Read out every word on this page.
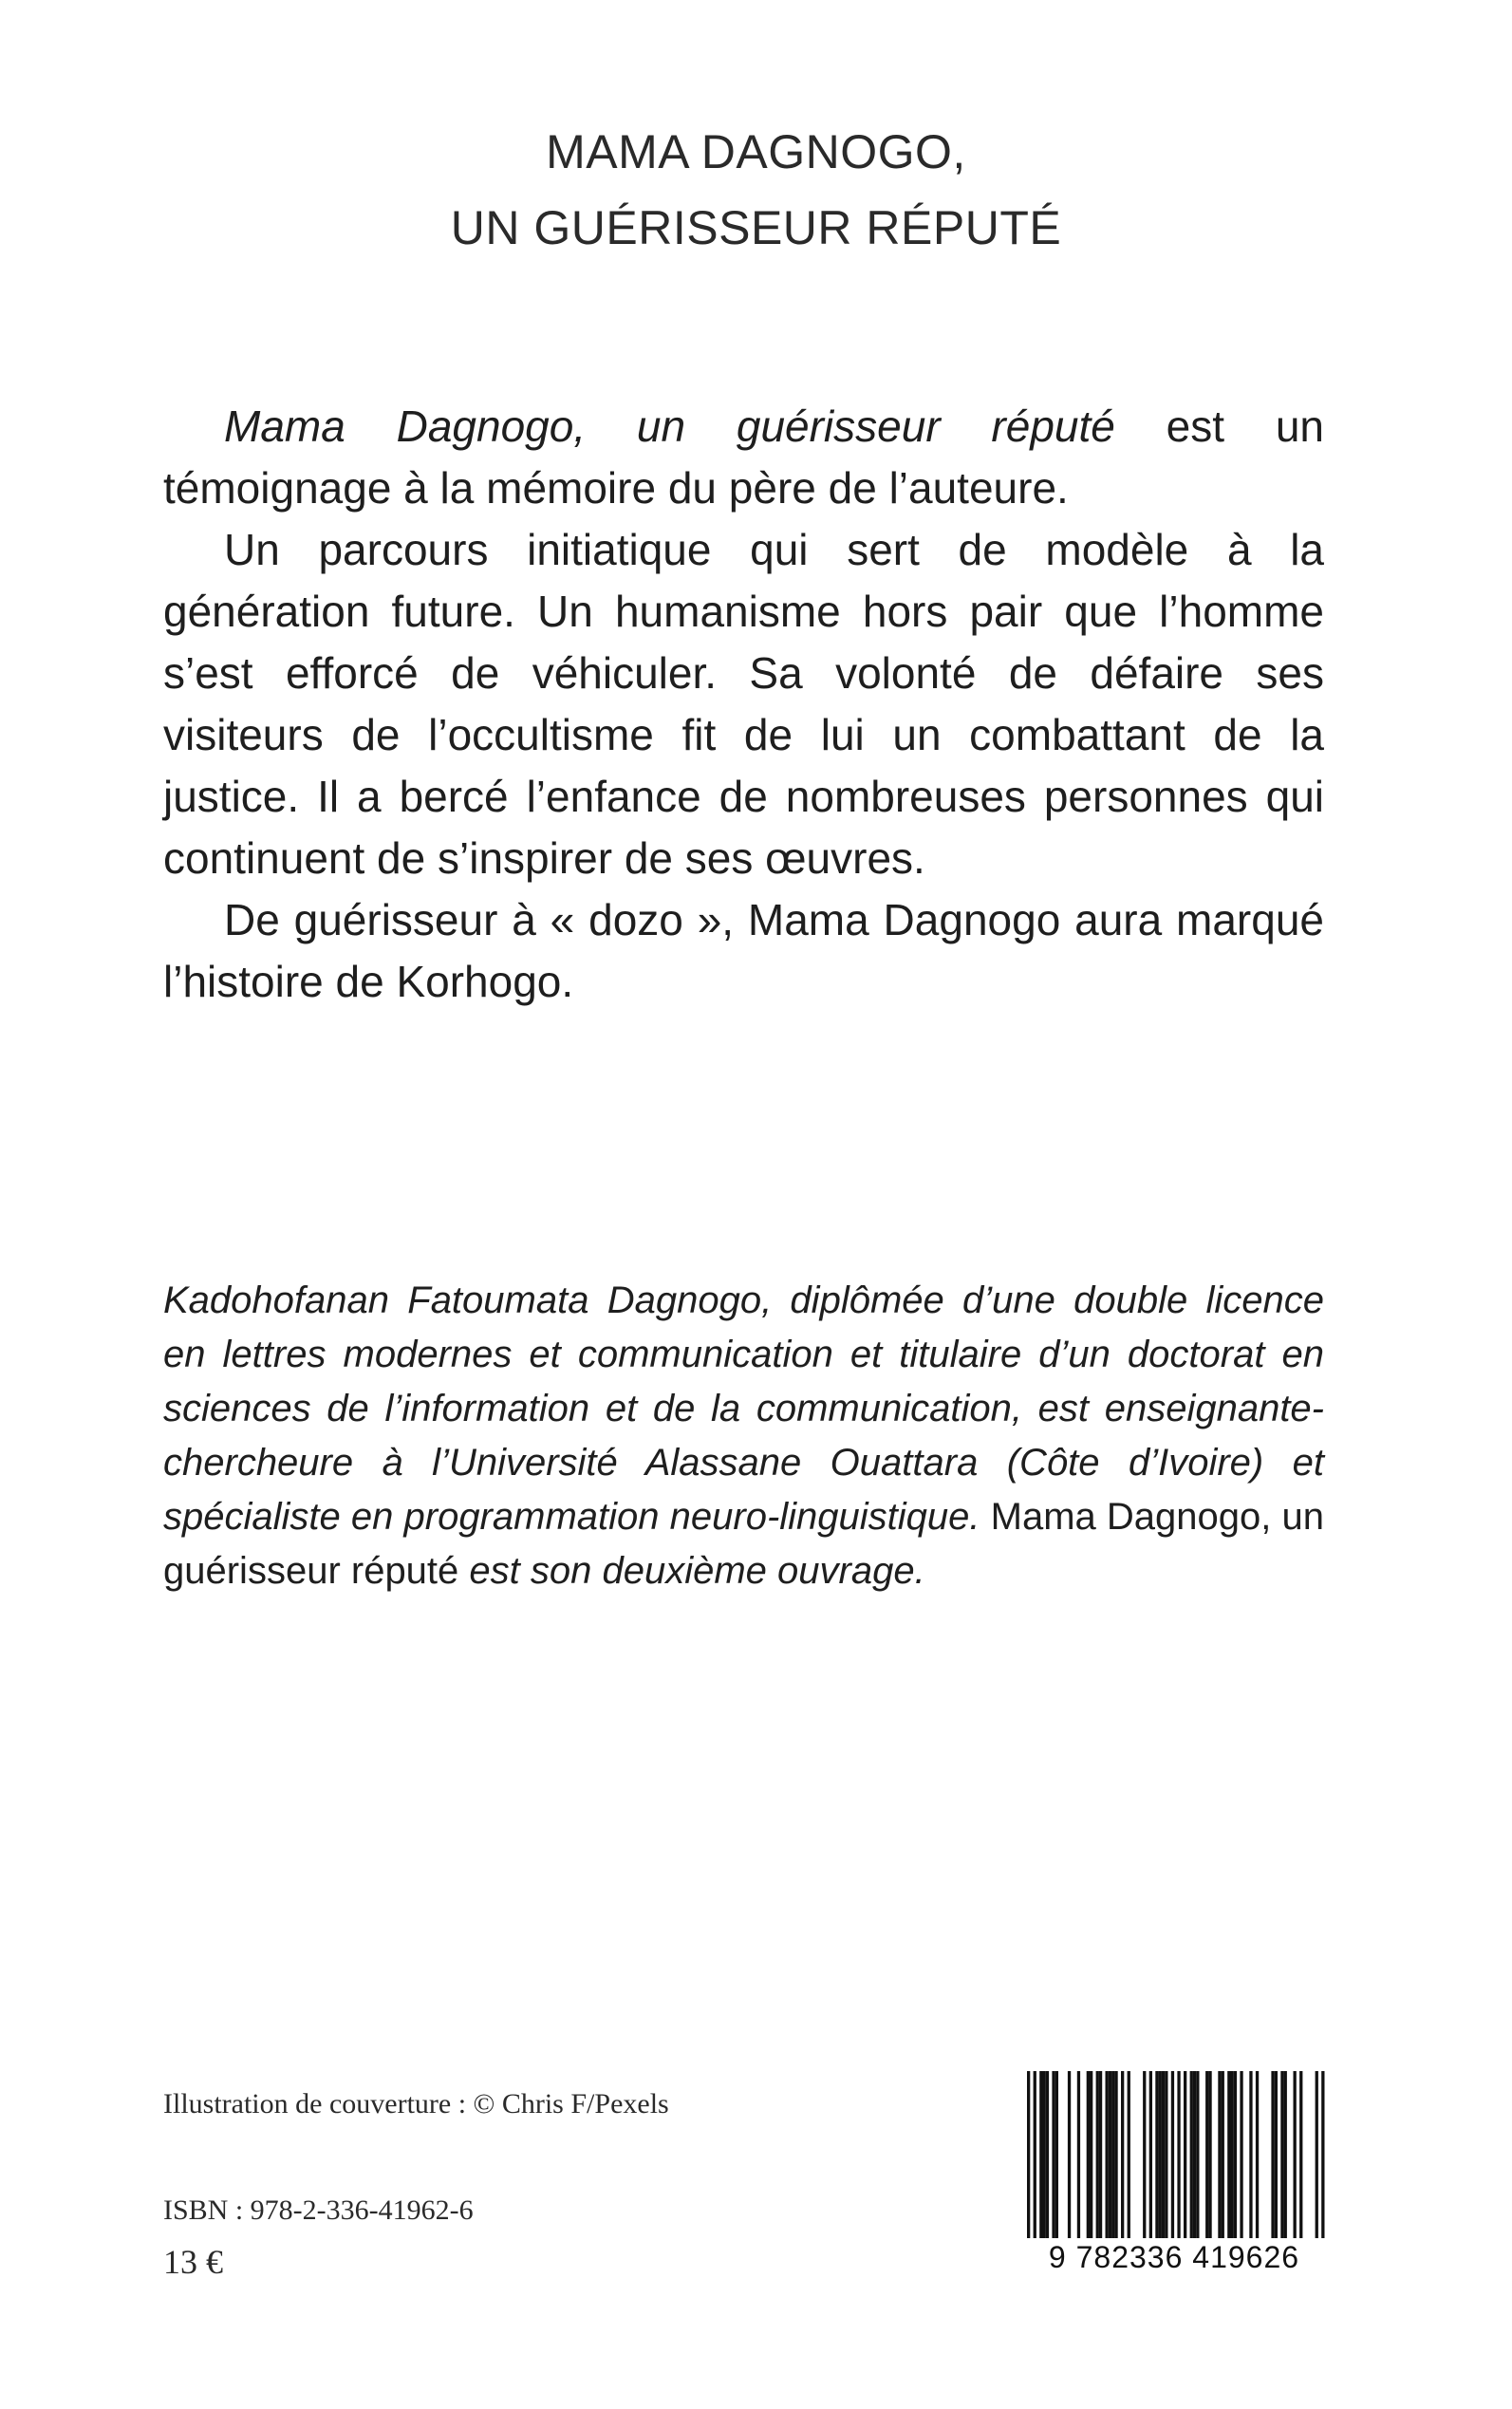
MAMA DAGNOGO,
UN GUÉRISSEUR RÉPUTÉ

Mama Dagnogo, un guérisseur réputé est un témoignage à la mémoire du père de l’auteure.

Un parcours initiatique qui sert de modèle à la génération future. Un humanisme hors pair que l’homme s’est efforcé de véhiculer. Sa volonté de défaire ses visiteurs de l’occultisme fit de lui un combattant de la justice. Il a bercé l’enfance de nombreuses personnes qui continuent de s’inspirer de ses œuvres.

De guérisseur à « dozo », Mama Dagnogo aura marqué l’histoire de Korhogo.

Kadohofanan Fatoumata Dagnogo, diplômée d’une double licence en lettres modernes et communication et titulaire d’un doctorat en sciences de l’information et de la communication, est enseignante-chercheure à l’Université Alassane Ouattara (Côte d’Ivoire) et spécialiste en programmation neuro-linguistique. Mama Dagnogo, un guérisseur réputé est son deuxième ouvrage.

Illustration de couverture : © Chris F/Pexels
ISBN : 978-2-336-41962-6
13 €	9 782336 419626
